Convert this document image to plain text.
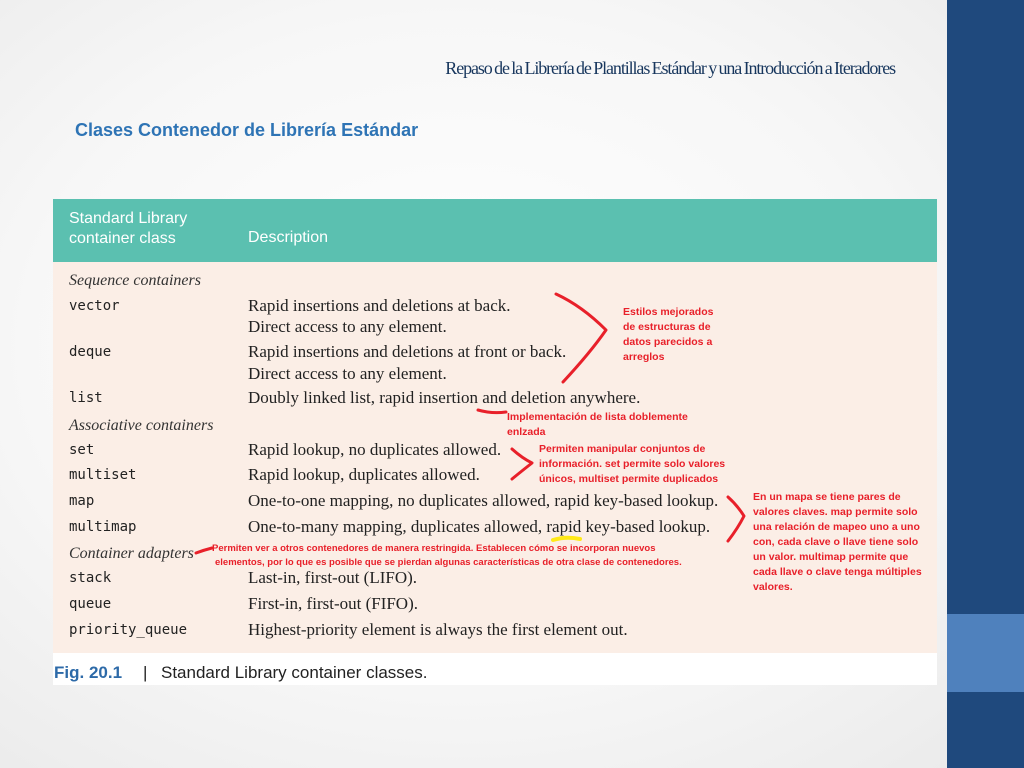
Repaso de la Librería de Plantillas Estándar y una Introducción a Iteradores
Clases Contenedor de Librería Estándar
Standard Library
container class	Description
Sequence containers
vector	Rapid insertions and deletions at back.
Direct access to any element.
deque	Rapid insertions and deletions at front or back.
Direct access to any element.
list	Doubly linked list, rapid insertion and deletion anywhere.
Associative containers
set	Rapid lookup, no duplicates allowed.
multiset	Rapid lookup, duplicates allowed.
map	One-to-one mapping, no duplicates allowed, rapid key-based lookup.
multimap	One-to-many mapping, duplicates allowed, rapid key-based lookup.
Container adapters
stack	Last-in, first-out (LIFO).
queue	First-in, first-out (FIFO).
priority_queue	Highest-priority element is always the first element out.
Fig. 20.1 | Standard Library container classes.
Estilos mejorados
de estructuras de
datos parecidos a
arreglos
Implementación de lista doblemente
enlzada
Permiten manipular conjuntos de
información. set permite solo valores
únicos, multiset permite duplicados
En un mapa se tiene pares de
valores claves. map permite solo
una relación de mapeo uno a uno
con, cada clave o llave tiene solo
un valor. multimap permite que
cada llave o clave tenga múltiples
valores.
Permiten ver a otros contenedores de manera restringida. Establecen cómo se incorporan nuevos
elementos, por lo que es posible que se pierdan algunas características de otra clase de contenedores.
